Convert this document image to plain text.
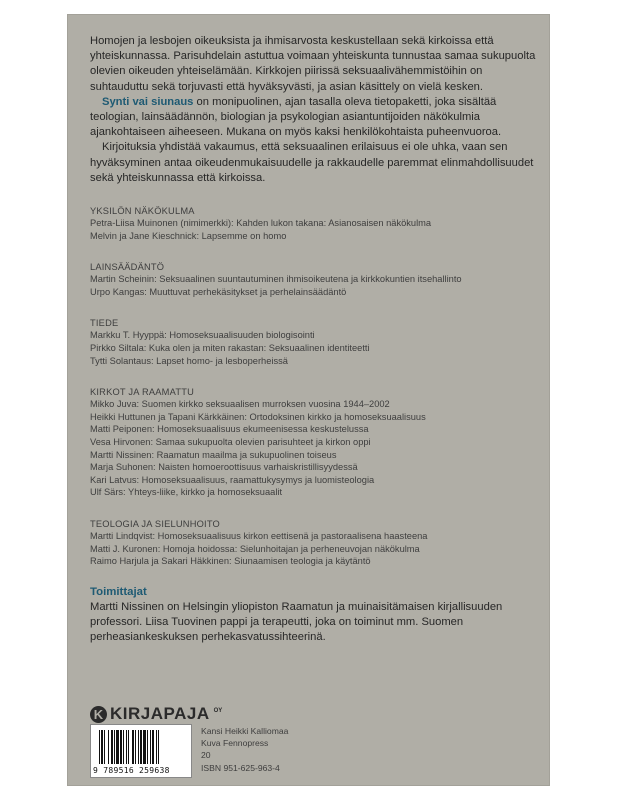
Homojen ja lesbojen oikeuksista ja ihmisarvosta keskustellaan sekä kirkoissa että yhteiskunnassa. Parisuhdelain astuttua voimaan yhteiskunta tunnustaa samaa sukupuolta olevien oikeuden yhteiselämään. Kirkkojen piirissä seksuaalivähemmistöihin on suhtauduttu sekä torjuvasti että hyväksyvästi, ja asian käsittely on vielä kesken.

Synti vai siunaus on monipuolinen, ajan tasalla oleva tietopaketti, joka sisältää teologian, lainsäädännön, biologian ja psykologian asiantuntijoiden näkökulmia ajankohtaiseen aiheeseen. Mukana on myös kaksi henkilökohtaista puheenvuoroa.

Kirjoituksia yhdistää vakaumus, että seksuaalinen erilaisuus ei ole uhka, vaan sen hyväksyminen antaa oikeudenmukaisuudelle ja rakkaudelle paremmat elinmahdollisuudet sekä yhteiskunnassa että kirkoissa.

YKSILÖN NÄKÖKULMA
Petra-Liisa Muinonen (nimimerkki): Kahden lukon takana: Asianosaisen näkökulma
Melvin ja Jane Kieschnick: Lapsemme on homo
LAINSÄÄDÄNTÖ
Martin Scheinin: Seksuaalinen suuntautuminen ihmisoikeutena ja kirkkokuntien itsehallinto
Urpo Kangas: Muuttuvat perhekäsitykset ja perhelainsäädäntö
TIEDE
Markku T. Hyyppä: Homoseksuaalisuuden biologisointi
Pirkko Siltala: Kuka olen ja miten rakastan: Seksuaalinen identiteetti
Tytti Solantaus: Lapset homo- ja lesboperheissä
KIRKOT JA RAAMATTU
Mikko Juva: Suomen kirkko seksuaalisen murroksen vuosina 1944–2002
Heikki Huttunen ja Tapani Kärkkäinen: Ortodoksinen kirkko ja homoseksuaalisuus
Matti Peiponen: Homoseksuaalisuus ekumeenisessa keskustelussa
Vesa Hirvonen: Samaa sukupuolta olevien parisuhteet ja kirkon oppi
Martti Nissinen: Raamatun maailma ja sukupuolinen toiseus
Marja Suhonen: Naisten homoeroottisuus varhaiskristillisyydessä
Kari Latvus: Homoseksuaalisuus, raamattukysymys ja luomisteologia
Ulf Särs: Yhteys-liike, kirkko ja homoseksuaalit
TEOLOGIA JA SIELUNHOITO
Martti Lindqvist: Homoseksuaalisuus kirkon eettisenä ja pastoraalisena haasteena
Matti J. Kuronen: Homoja hoidossa: Sielunhoitajan ja perheneuvojan näkökulma
Raimo Harjula ja Sakari Häkkinen: Siunaamisen teologia ja käytäntö
Toimittajat

Martti Nissinen on Helsingin yliopiston Raamatun ja muinaisitämaisen kirjallisuuden professori. Liisa Tuovinen pappi ja terapeutti, joka on toiminut mm. Suomen perheasiankeskuksen perhekasvatussihteerinä.

K KIRJAPAJA OY
9 789516 259638
Kansi Heikki Kalliomaa
Kuva Fennopress
20
ISBN 951-625-963-4
